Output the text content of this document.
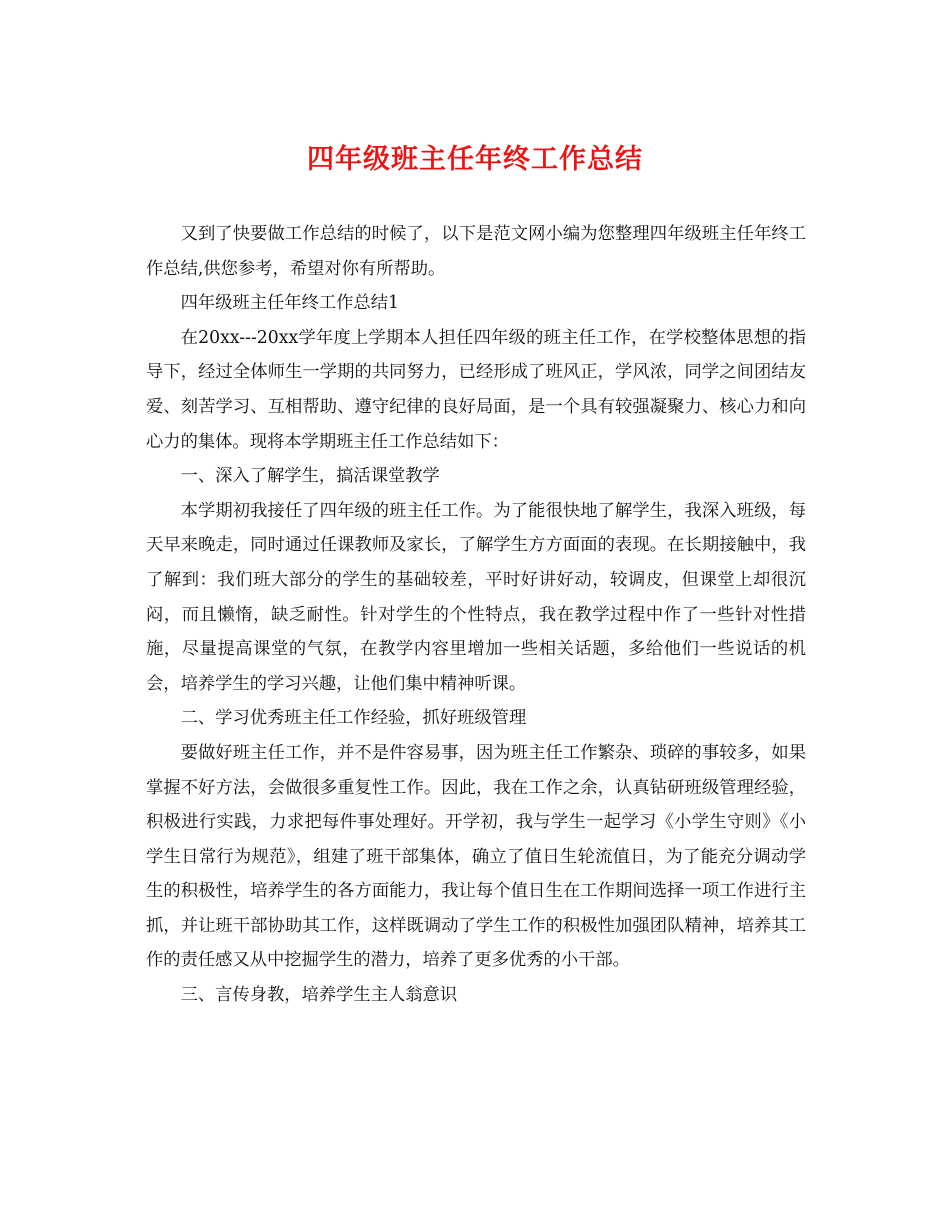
四年级班主任年终工作总结

又到了快要做工作总结的时候了，以下是范文网小编为您整理四年级班主任年终工作总结,供您参考，希望对你有所帮助。

四年级班主任年终工作总结1

在20xx---20xx学年度上学期本人担任四年级的班主任工作，在学校整体思想的指导下，经过全体师生一学期的共同努力，已经形成了班风正，学风浓，同学之间团结友爱、刻苦学习、互相帮助、遵守纪律的良好局面，是一个具有较强凝聚力、核心力和向心力的集体。现将本学期班主任工作总结如下：

一、深入了解学生，搞活课堂教学

本学期初我接任了四年级的班主任工作。为了能很快地了解学生，我深入班级，每天早来晚走，同时通过任课教师及家长，了解学生方方面面的表现。在长期接触中，我了解到：我们班大部分的学生的基础较差，平时好讲好动，较调皮，但课堂上却很沉闷，而且懒惰，缺乏耐性。针对学生的个性特点，我在教学过程中作了一些针对性措施，尽量提高课堂的气氛，在教学内容里增加一些相关话题，多给他们一些说话的机会，培养学生的学习兴趣，让他们集中精神听课。

二、学习优秀班主任工作经验，抓好班级管理

要做好班主任工作，并不是件容易事，因为班主任工作繁杂、琐碎的事较多，如果掌握不好方法，会做很多重复性工作。因此，我在工作之余，认真钻研班级管理经验，积极进行实践，力求把每件事处理好。开学初，我与学生一起学习《小学生守则》《小学生日常行为规范》，组建了班干部集体，确立了值日生轮流值日，为了能充分调动学生的积极性，培养学生的各方面能力，我让每个值日生在工作期间选择一项工作进行主抓，并让班干部协助其工作，这样既调动了学生工作的积极性加强团队精神，培养其工作的责任感又从中挖掘学生的潜力，培养了更多优秀的小干部。

三、言传身教，培养学生主人翁意识
